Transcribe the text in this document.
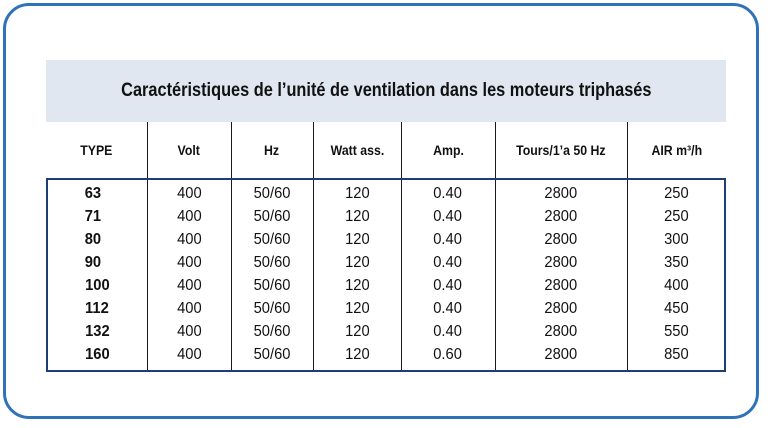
Caractéristiques de l’unité de ventilation dans les moteurs triphasés
TYPE	Volt	Hz	Watt ass.	Amp.	Tours/1’a 50 Hz	AIR m³/h
63	400	50/60	120	0.40	2800	250
71	400	50/60	120	0.40	2800	250
80	400	50/60	120	0.40	2800	300
90	400	50/60	120	0.40	2800	350
100	400	50/60	120	0.40	2800	400
112	400	50/60	120	0.40	2800	450
132	400	50/60	120	0.40	2800	550
160	400	50/60	120	0.60	2800	850
